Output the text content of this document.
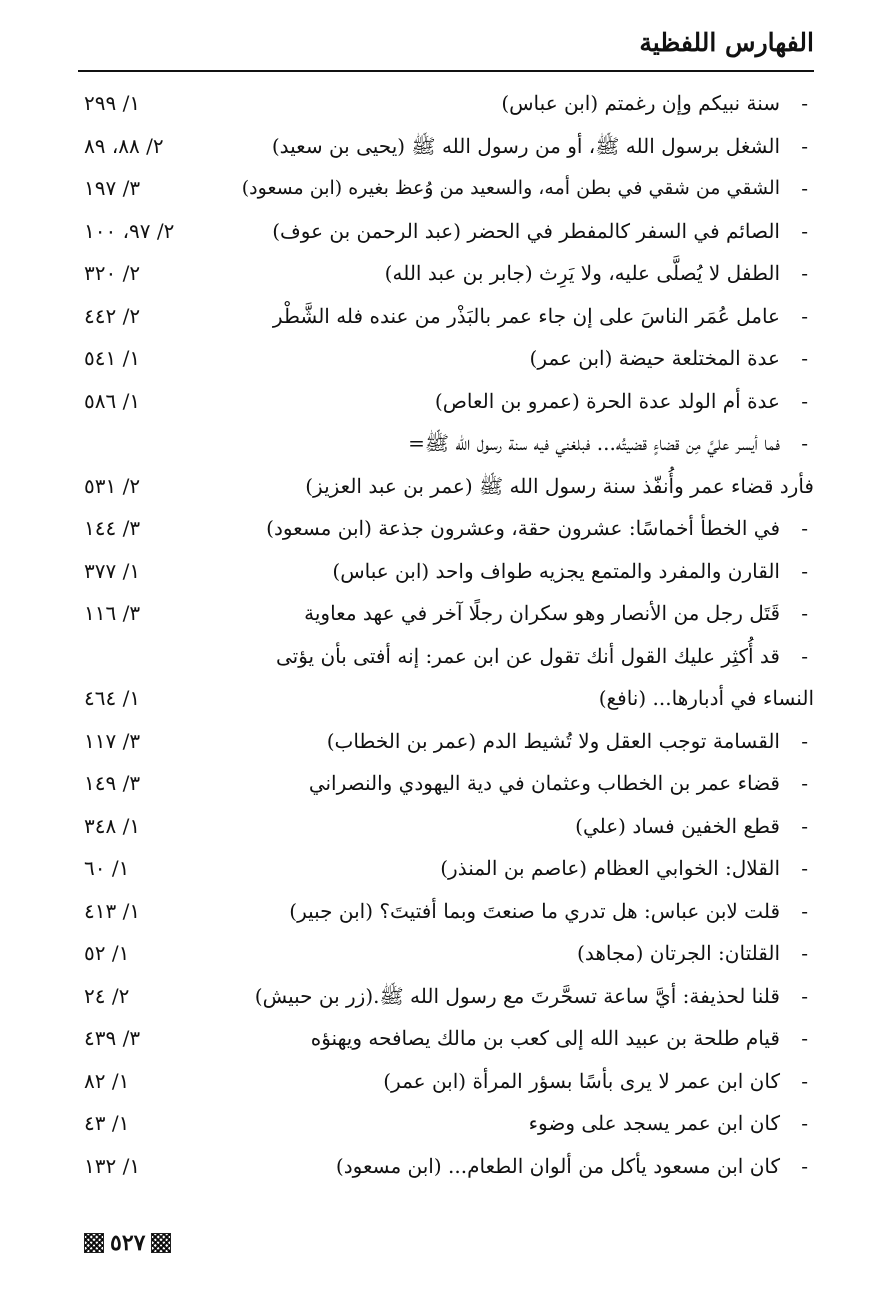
الفهارس اللفظية
-
سنة نبيكم وإن رغمتم (ابن عباس)
١/ ٢٩٩
-
الشغل برسول الله ﷺ، أو من رسول الله ﷺ (يحيى بن سعيد)
٢/ ٨٨، ٨٩
-
الشقي من شقي في بطن أمه، والسعيد من وُعظ بغيره (ابن مسعود)
٣/ ١٩٧
-
الصائم في السفر كالمفطر في الحضر (عبد الرحمن بن عوف)
٢/ ٩٧، ١٠٠
-
الطفل لا يُصلَّى عليه، ولا يَرِث (جابر بن عبد الله)
٢/ ٣٢٠
-
عامل عُمَر الناسَ على إن جاء عمر بالبَذْر من عنده فله الشَّطْر
٢/ ٤٤٢
-
عدة المختلعة حيضة (ابن عمر)
١/ ٥٤١
-
عدة أم الولد عدة الحرة (عمرو بن العاص)
١/ ٥٨٦
-
فما أيسر عليَّ مِن قضاءٍ قضيتُه... فبلغني فيه سنة رسول الله ﷺ=
فأرد قضاء عمر وأُنفّذ سنة رسول الله ﷺ (عمر بن عبد العزيز)
٢/ ٥٣١
-
في الخطأ أخماسًا: عشرون حقة، وعشرون جذعة (ابن مسعود)
٣/ ١٤٤
-
القارن والمفرد والمتمع يجزيه طواف واحد (ابن عباس)
١/ ٣٧٧
-
قَتَل رجل من الأنصار وهو سكران رجلًا آخر في عهد معاوية
٣/ ١١٦
-
قد أُكثِر عليك القول أنك تقول عن ابن عمر: إنه أفتى بأن يؤتى
النساء في أدبارها... (نافع)
١/ ٤٦٤
-
القسامة توجب العقل ولا تُشيط الدم (عمر بن الخطاب)
٣/ ١١٧
-
قضاء عمر بن الخطاب وعثمان في دية اليهودي والنصراني
٣/ ١٤٩
-
قطع الخفين فساد (علي)
١/ ٣٤٨
-
القلال: الخوابي العظام (عاصم بن المنذر)
١/ ٦٠
-
قلت لابن عباس: هل تدري ما صنعتَ وبما أفتيتَ؟ (ابن جبير)
١/ ٤١٣
-
القلتان: الجرتان (مجاهد)
١/ ٥٢
-
قلنا لحذيفة: أيَّ ساعة تسحَّرتَ مع رسول الله ﷺ.(زر بن حبيش)
٢/ ٢٤
-
قيام طلحة بن عبيد الله إلى كعب بن مالك يصافحه ويهنؤه
٣/ ٤٣٩
-
كان ابن عمر لا يرى بأسًا بسؤر المرأة (ابن عمر)
١/ ٨٢
-
كان ابن عمر يسجد على وضوء
١/ ٤٣
-
كان ابن مسعود يأكل من ألوان الطعام... (ابن مسعود)
١/ ١٣٢
٥٢٧
